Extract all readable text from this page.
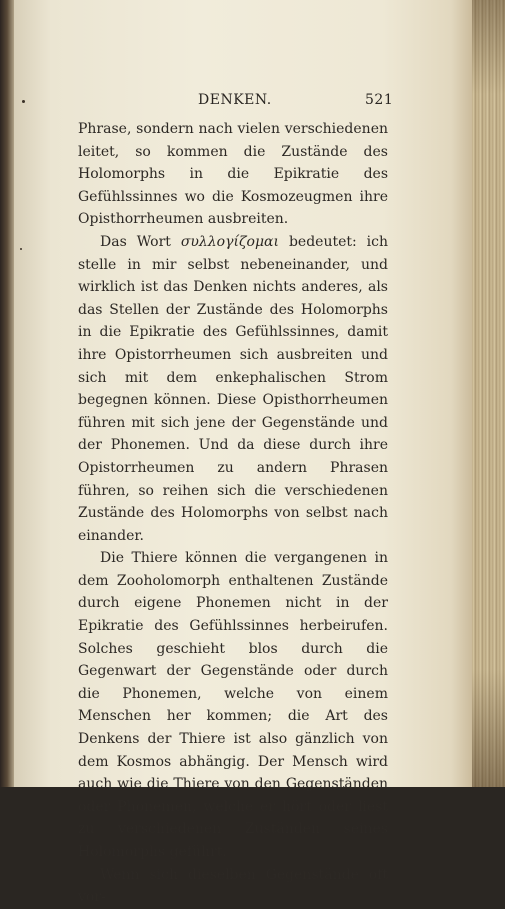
DENKEN.	521

Phrase, sondern nach vielen verschiedenen leitet, so kommen die Zustände des Holomorphs in die Epikratie des Gefühlssinnes wo die Kosmozeugmen ihre Opisthorrheumen ausbreiten.

Das Wort συλλογίζομαι bedeutet: ich stelle in mir selbst nebeneinander, und wirklich ist das Denken nichts anderes, als das Stellen der Zustände des Holomorphs in die Epikratie des Gefühlssinnes, damit ihre Opistorrheumen sich ausbreiten und sich mit dem enkephalischen Strom begegnen können. Diese Opisthorrheumen führen mit sich jene der Gegenstände und der Phonemen. Und da diese durch ihre Opistorrheumen zu andern Phrasen führen, so reihen sich die verschiedenen Zustände des Holomorphs von selbst nach einander.

Die Thiere können die vergangenen in dem Zooholomorph enthaltenen Zustände durch eigene Phonemen nicht in der Epikratie des Gefühlssinnes herbeirufen. Solches geschieht blos durch die Gegenwart der Gegenstände oder durch die Phonemen, welche von einem Menschen her kommen; die Art des Denkens der Thiere ist also gänzlich von dem Kosmos abhängig. Der Mensch wird auch wie die Thiere von den Gegenständen oder Phonemen, welche er hört oder liest zu verschiedenen Zuständen seines Holomorphs geführt.

Wenn sich dieselben Gegenstände oft vor-
